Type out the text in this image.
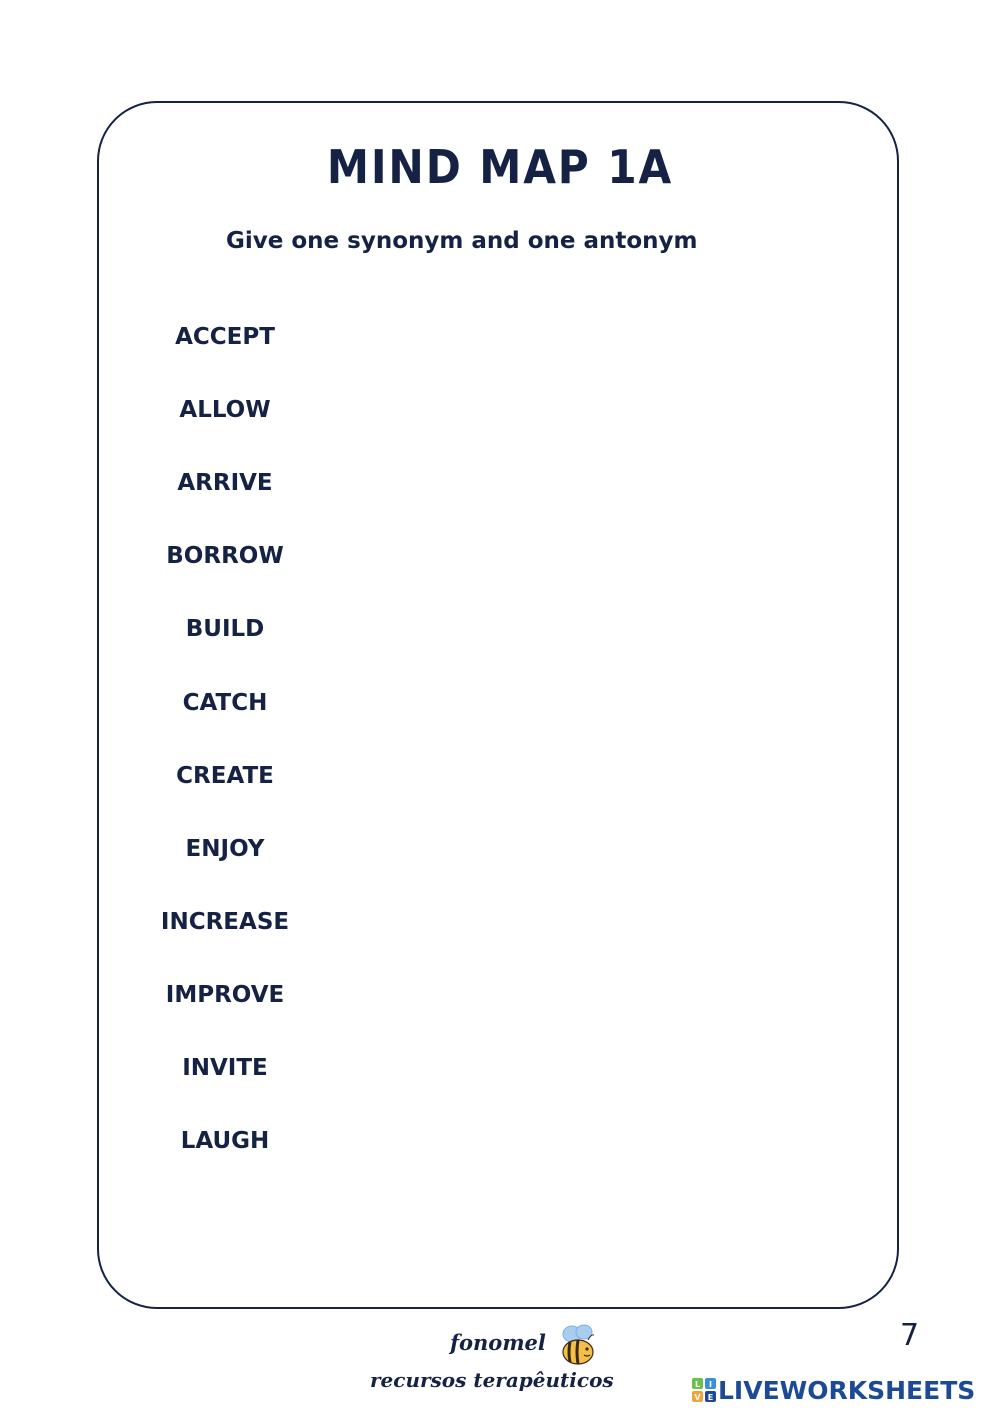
MIND MAP 1A
Give one synonym and one antonym
ACCEPT
ALLOW
ARRIVE
BORROW
BUILD
CATCH
CREATE
ENJOY
INCREASE
IMPROVE
INVITE
LAUGH
7
fonomel
recursos terapêuticos	L I
V E LIVEWORKSHEETS
